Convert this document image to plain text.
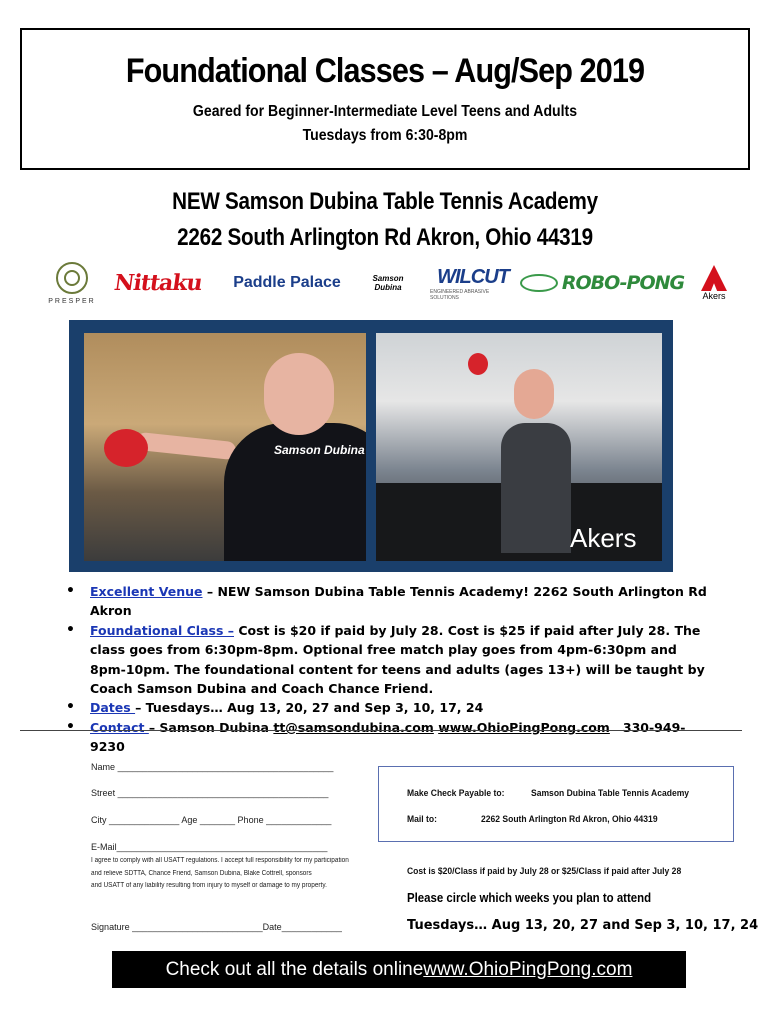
Foundational Classes – Aug/Sep 2019
Geared for Beginner-Intermediate Level Teens and Adults
Tuesdays from 6:30-8pm
NEW Samson Dubina Table Tennis Academy
2262 South Arlington Rd Akron, Ohio 44319
PRESPER
Nittaku Paddle Palace	Samson Dubina	WILCUT
ENGINEERED ABRASIVE SOLUTIONS
ROBO-PONG
Akers
Samson Dubina
Akers
• Excellent Venue – NEW Samson Dubina Table Tennis Academy! 2262 South Arlington Rd Akron
• Foundational Class – Cost is $20 if paid by July 28. Cost is $25 if paid after July 28. The class goes from 6:30pm-8pm. Optional free match play goes from 4pm-6:30pm and 8pm-10pm. The foundational content for teens and adults (ages 13+) will be taught by Coach Samson Dubina and Coach Chance Friend.
• Dates – Tuesdays… Aug 13, 20, 27 and Sep 3, 10, 17, 24
• Contact – Samson Dubina tt@samsondubina.com www.OhioPingPong.com 330-949-9230
Name ___________________________________________
Street __________________________________________
City ______________ Age _______ Phone _____________
E-Mail__________________________________________
I agree to comply with all USATT regulations. I accept full responsibility for my participation
and relieve SDTTA, Chance Friend, Samson Dubina, Blake Cottrell, sponsors
and USATT of any liability resulting from injury to myself or damage to my property.
Signature __________________________Date____________
Make Check Payable to:	Samson Dubina Table Tennis Academy
Mail to:	2262 South Arlington Rd Akron, Ohio 44319
Cost is $20/Class if paid by July 28 or $25/Class if paid after July 28
Please circle which weeks you plan to attend
Tuesdays… Aug 13, 20, 27 and Sep 3, 10, 17, 24
Check out all the details online www.OhioPingPong.com
